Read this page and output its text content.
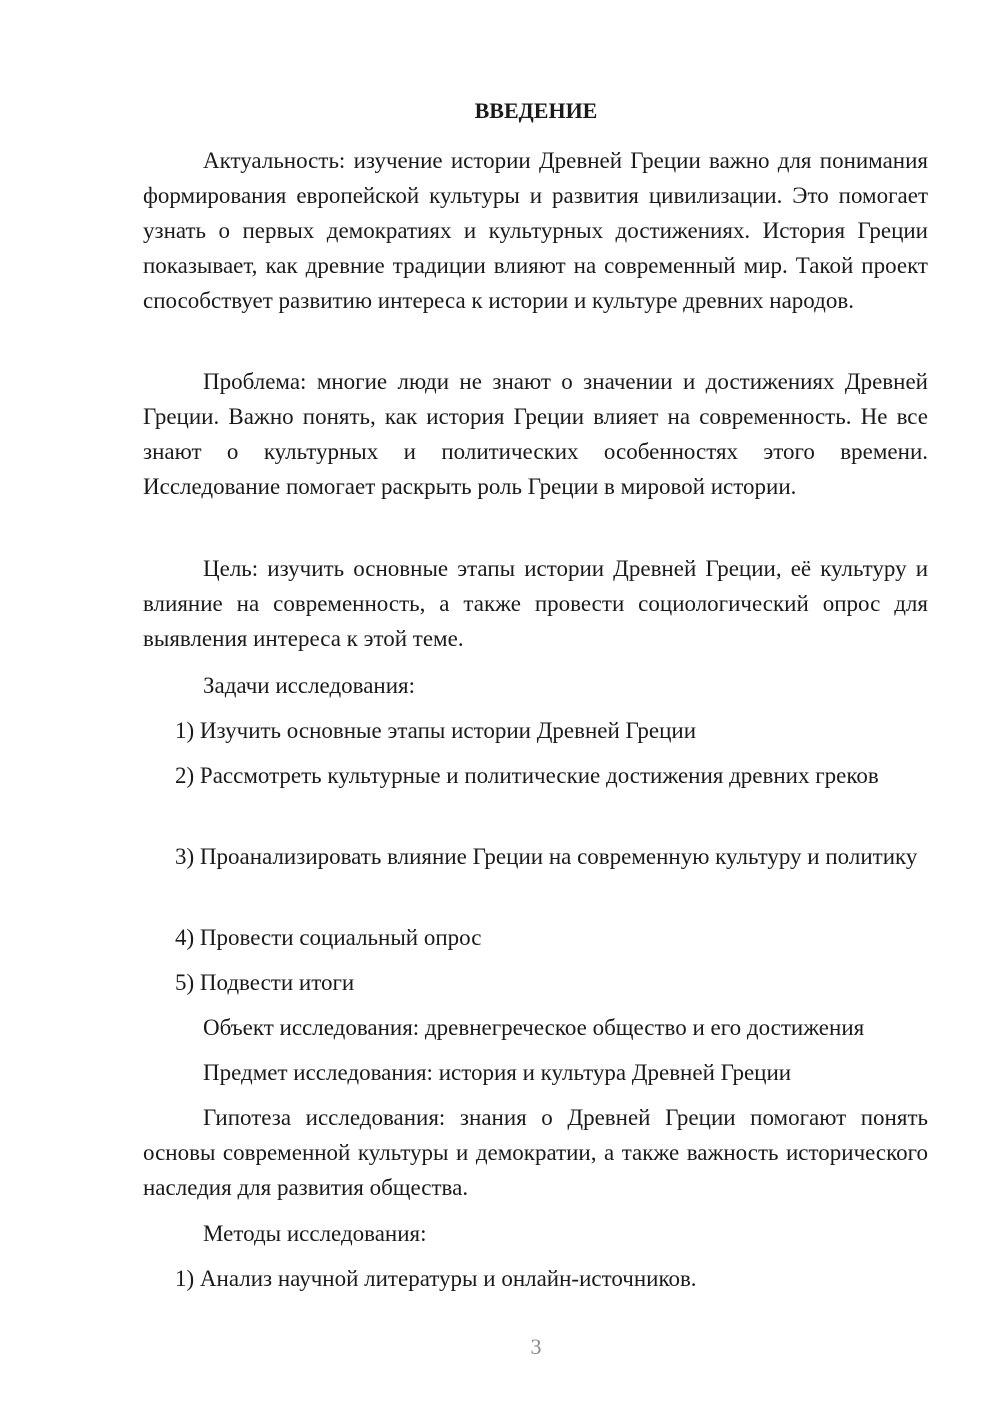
ВВЕДЕНИЕ

Актуальность: изучение истории Древней Греции важно для понимания формирования европейской культуры и развития цивилизации. Это помогает узнать о первых демократиях и культурных достижениях. История Греции показывает, как древние традиции влияют на современный мир. Такой проект способствует развитию интереса к истории и культуре древних народов.

Проблема: многие люди не знают о значении и достижениях Древней Греции. Важно понять, как история Греции влияет на современность. Не все знают о культурных и политических особенностях этого времени. Исследование помогает раскрыть роль Греции в мировой истории.

Цель: изучить основные этапы истории Древней Греции, её культуру и влияние на современность, а также провести социологический опрос для выявления интереса к этой теме.

Задачи исследования:

1) Изучить основные этапы истории Древней Греции

2) Рассмотреть культурные и политические достижения древних греков

3) Проанализировать влияние Греции на современную культуру и политику

4) Провести социальный опрос

5) Подвести итоги

Объект исследования: древнегреческое общество и его достижения

Предмет исследования: история и культура Древней Греции

Гипотеза исследования: знания о Древней Греции помогают понять основы современной культуры и демократии, а также важность исторического наследия для развития общества.

Методы исследования:

1) Анализ научной литературы и онлайн-источников.

3
